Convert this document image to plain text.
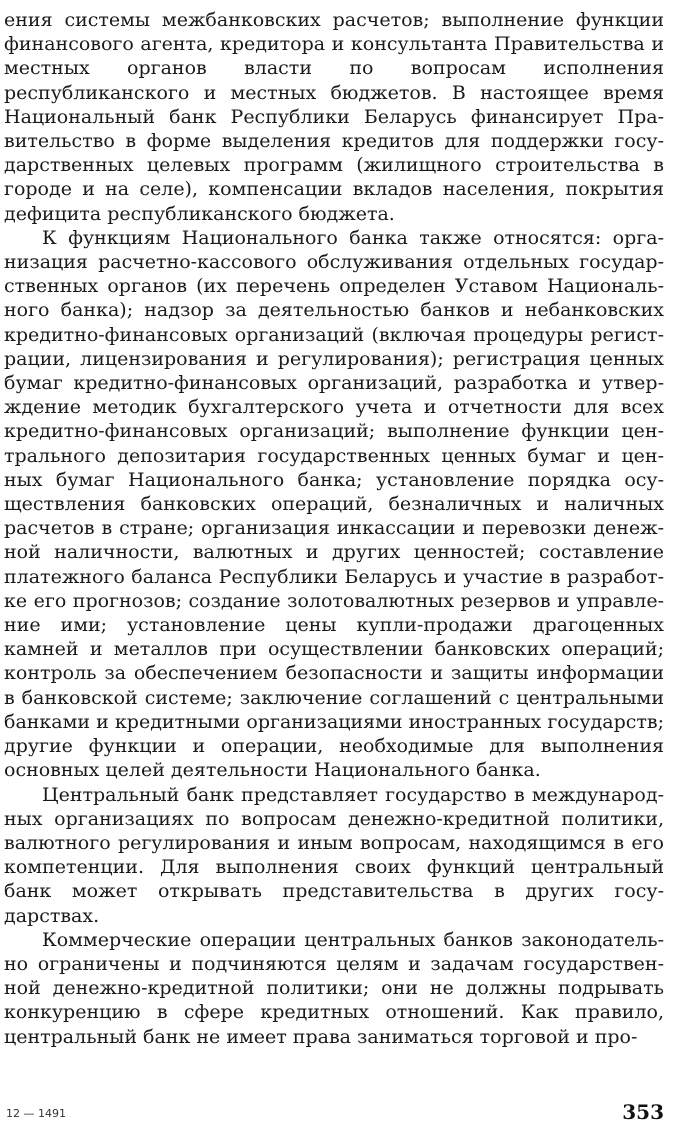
ения системы межбанковских расчетов; выполнение функции финансового агента, кредитора и консультанта Правительства и местных органов власти по вопросам исполнения республиканского и местных бюджетов. В настоящее время Национальный банк Республики Беларусь финансирует Правительство в форме выделения кредитов для поддержки государственных целевых программ (жилищного строительства в городе и на селе), компенсации вкладов населения, покрытия дефицита республиканского бюджета.

К функциям Национального банка также относятся: организация расчетно-кассового обслуживания отдельных государственных органов (их перечень определен Уставом Национального банка); надзор за деятельностью банков и небанковских кредитно-финансовых организаций (включая процедуры регистрации, лицензирования и регулирования); регистрация ценных бумаг кредитно-финансовых организаций, разработка и утверждение методик бухгалтерского учета и отчетности для всех кредитно-финансовых организаций; выполнение функции центрального депозитария государственных ценных бумаг и ценных бумаг Национального банка; установление порядка осуществления банковских операций, безналичных и наличных расчетов в стране; организация инкассации и перевозки денежной наличности, валютных и других ценностей; составление платежного баланса Республики Беларусь и участие в разработке его прогнозов; создание золотовалютных резервов и управление ими; установление цены купли-продажи драгоценных камней и металлов при осуществлении банковских операций; контроль за обеспечением безопасности и защиты информации в банковской системе; заключение соглашений с центральными банками и кредитными организациями иностранных государств; другие функции и операции, необходимые для выполнения основных целей деятельности Национального банка.

Центральный банк представляет государство в международных организациях по вопросам денежно-кредитной политики, валютного регулирования и иным вопросам, находящимся в его компетенции. Для выполнения своих функций центральный банк может открывать представительства в других государствах.

Коммерческие операции центральных банков законодательно ограничены и подчиняются целям и задачам государственной денежно-кредитной политики; они не должны подрывать конкуренцию в сфере кредитных отношений. Как правило, центральный банк не имеет права заниматься торговой и про-

12 — 1491	353
